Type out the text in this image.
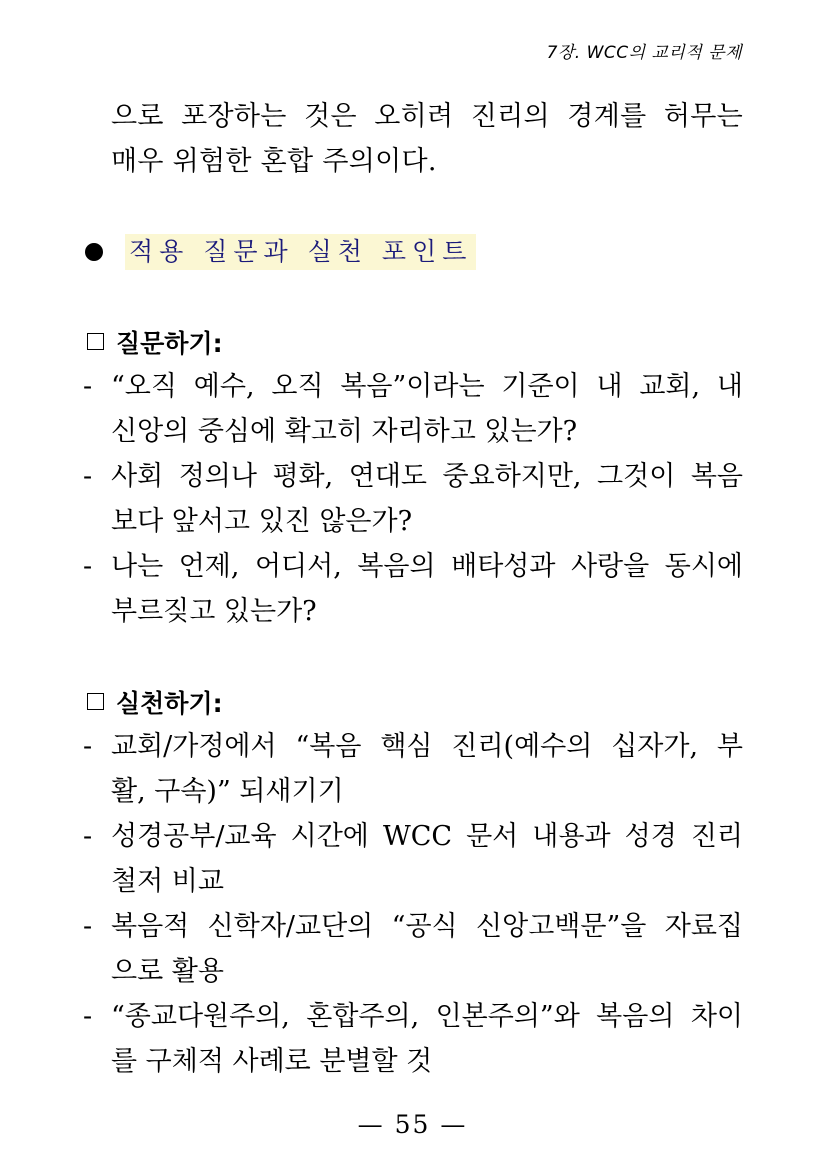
7장. WCC의 교리적 문제
으로 포장하는 것은 오히려 진리의 경계를 허무는
매우 위험한 혼합 주의이다.
적용 질문과 실천 포인트
질문하기:
- “오직 예수, 오직 복음”이라는 기준이 내 교회, 내
신앙의 중심에 확고히 자리하고 있는가?
- 사회 정의나 평화, 연대도 중요하지만, 그것이 복음
보다 앞서고 있진 않은가?
- 나는 언제, 어디서, 복음의 배타성과 사랑을 동시에
부르짖고 있는가?
실천하기:
- 교회/가정에서 “복음 핵심 진리(예수의 십자가, 부
활, 구속)” 되새기기
- 성경공부/교육 시간에 WCC 문서 내용과 성경 진리
철저 비교
- 복음적 신학자/교단의 “공식 신앙고백문”을 자료집
으로 활용
- “종교다원주의, 혼합주의, 인본주의”와 복음의 차이
를 구체적 사례로 분별할 것
— 55 —
